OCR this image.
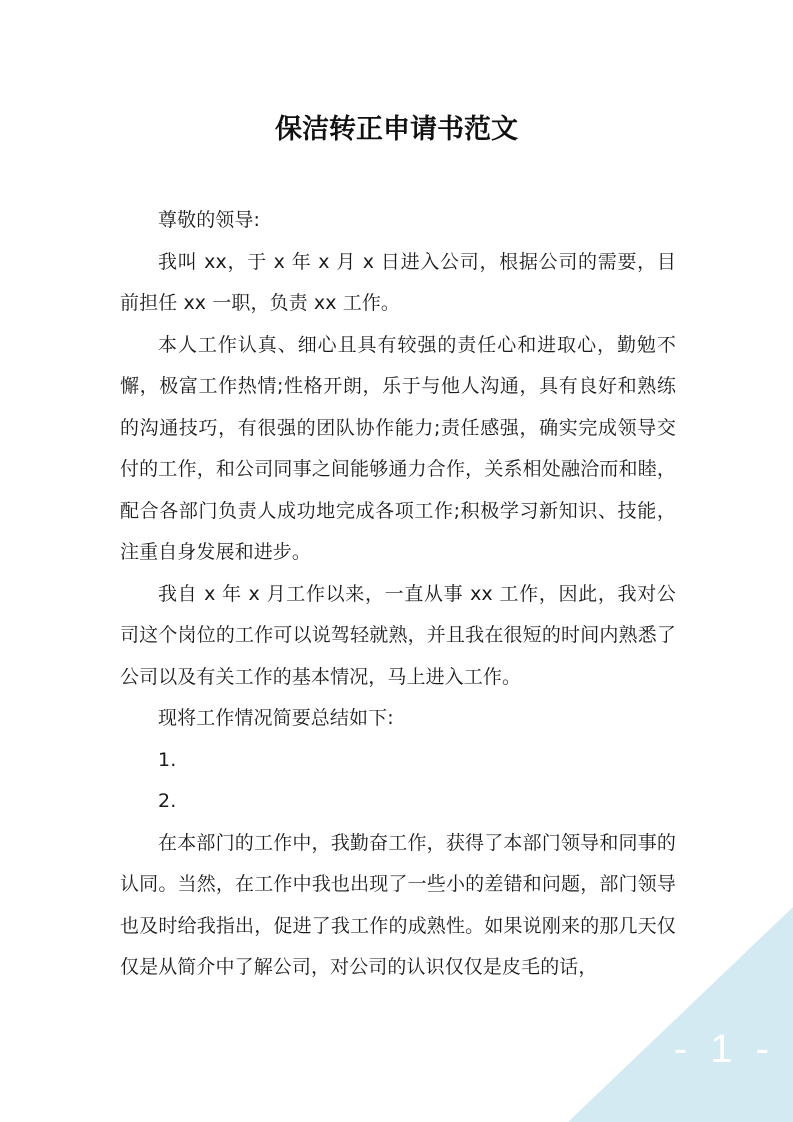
保洁转正申请书范文

尊敬的领导:

我叫 xx，于 x 年 x 月 x 日进入公司，根据公司的需要，目前担任 xx 一职，负责 xx 工作。

本人工作认真、细心且具有较强的责任心和进取心，勤勉不懈，极富工作热情;性格开朗，乐于与他人沟通，具有良好和熟练的沟通技巧，有很强的团队协作能力;责任感强，确实完成领导交付的工作，和公司同事之间能够通力合作，关系相处融洽而和睦，配合各部门负责人成功地完成各项工作;积极学习新知识、技能，注重自身发展和进步。

我自 x 年 x 月工作以来，一直从事 xx 工作，因此，我对公司这个岗位的工作可以说驾轻就熟，并且我在很短的时间内熟悉了公司以及有关工作的基本情况，马上进入工作。

现将工作情况简要总结如下:

1.

2.

在本部门的工作中，我勤奋工作，获得了本部门领导和同事的认同。当然，在工作中我也出现了一些小的差错和问题，部门领导也及时给我指出，促进了我工作的成熟性。如果说刚来的那几天仅仅是从简介中了解公司，对公司的认识仅仅是皮毛的话，

- 1 -
